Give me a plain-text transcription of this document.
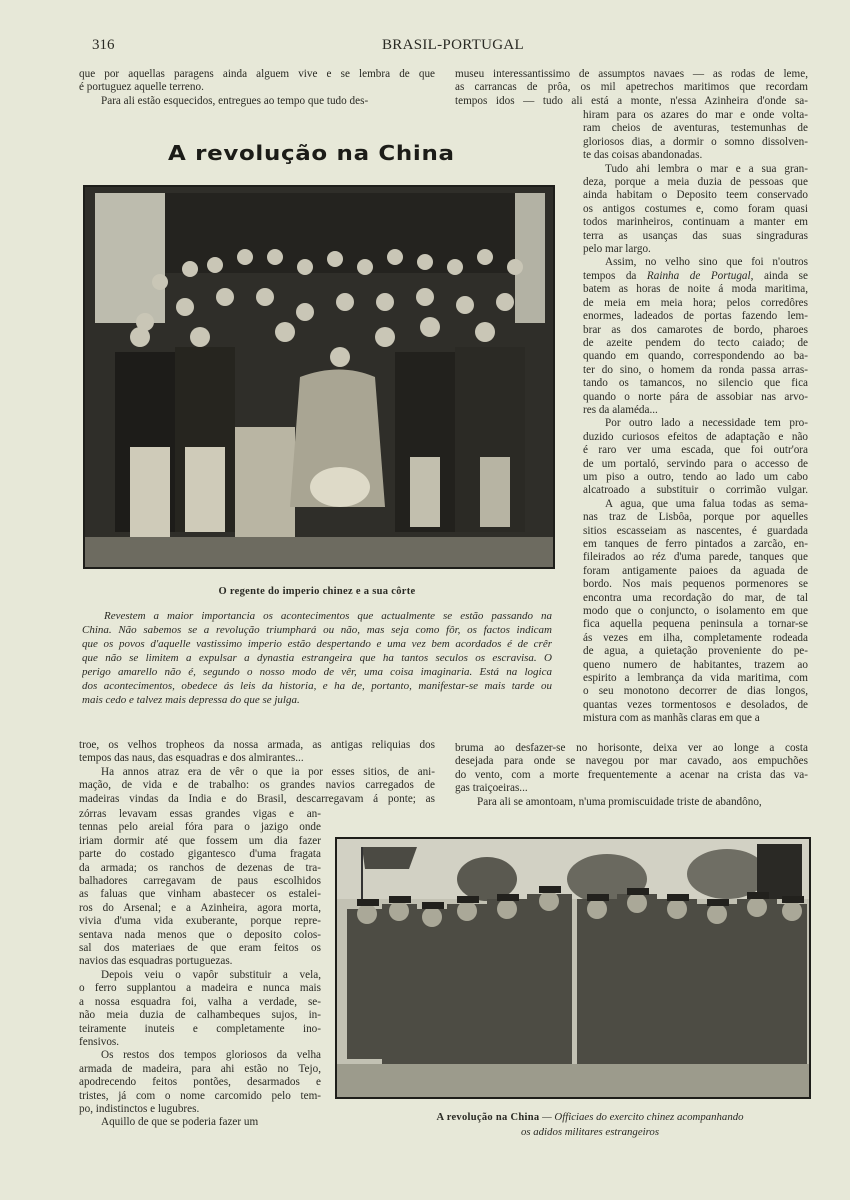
316	BRASIL-PORTUGAL
que por aquellas paragens ainda alguem vive e se lembra de que
é portuguez aquelle terreno.
Para ali estão esquecidos, entregues ao tempo que tudo des-
A revolução na China
museu interessantissimo de assumptos navaes — as rodas de leme,
as carrancas de prôa, os mil apetrechos maritimos que recordam
tempos idos — tudo ali está a monte, n'essa Azinheira d'onde sa-
hiram para os azares do mar e onde volta-
ram cheios de aventuras, testemunhas de
gloriosos dias, a dormir o somno dissolven-
te das coisas abandonadas.
Tudo ahi lembra o mar e a sua gran-
deza, porque a meia duzia de pessoas que
ainda habitam o Deposito teem conservado
os antigos costumes e, como foram quasi
todos marinheiros, continuam a manter em
terra as usanças das suas singraduras
pelo mar largo.
Assim, no velho sino que foi n'outros
tempos da Rainha de Portugal, ainda se
batem as horas de noite á moda maritima,
de meia em meia hora; pelos corredôres
enormes, ladeados de portas fazendo lem-
brar as dos camarotes de bordo, pharoes
de azeite pendem do tecto caiado; de
quando em quando, correspondendo ao ba-
ter do sino, o homem da ronda passa arras-
tando os tamancos, no silencio que fica
quando o norte pára de assobiar nas arvo-
res da alaméda...
Por outro lado a necessidade tem pro-
duzido curiosos efeitos de adaptação e não
é raro ver uma escada, que foi outr'ora
de um portaló, servindo para o accesso de
um piso a outro, tendo ao lado um cabo
alcatroado a substituir o corrimão vulgar.
A agua, que uma falua todas as sema-
nas traz de Lisbôa, porque por aquelles
sitios escasseiam as nascentes, é guardada
em tanques de ferro pintados a zarcão, en-
fileirados ao réz d'uma parede, tanques que
foram antigamente paioes da aguada de
bordo. Nos mais pequenos pormenores se
encontra uma recordação do mar, de tal
modo que o conjuncto, o isolamento em que
fica aquella pequena peninsula a tornar-se
ás vezes em ilha, completamente rodeada
de agua, a quietação proveniente do pe-
queno numero de habitantes, trazem ao
espirito a lembrança da vida maritima, com
o seu monotono decorrer de dias longos,
quantas vezes tormentosos e desolados, de
mistura com as manhãs claras em que a
O regente do imperio chinez e a sua côrte
Revestem a maior importancia os acontecimentos que actualmente se estão passando na
China. Não sabemos se a revolução triumphará ou não, mas seja como fôr, os factos indicam
que os povos d'aquelle vastissimo imperio estão despertando e uma vez bem acordados é de crêr
que não se limitem a expulsar a dynastia estrangeira que ha tantos seculos os escravisa. O
perigo amarello não é, segundo o nosso modo de vêr, uma coisa imaginaria. Está na logica
dos acontecimentos, obedece ás leis da historia, e ha de, portanto, manifestar-se mais tarde ou
mais cedo e talvez mais depressa do que se julga.
bruma ao desfazer-se no horisonte, deixa ver ao longe a costa
desejada para onde se navegou por mar cavado, aos empuchões
do vento, com a morte frequentemente a acenar na crista das va-
gas traiçoeiras...
Para ali se amontoam, n'uma promiscuidade triste de abandôno,
troe, os velhos tropheos da nossa armada, as antigas reliquias dos
tempos das naus, das esquadras e dos almirantes...
Ha annos atraz era de vêr o que ia por esses sitios, de ani-
mação, de vida e de trabalho: os grandes navios carregados de
madeiras vindas da India e do Brasil, descarregavam á ponte; as
zórras levavam essas grandes vigas e an-
tennas pelo areial fóra para o jazigo onde
iriam dormir até que fossem um dia fazer
parte do costado gigantesco d'uma fragata
da armada; os ranchos de dezenas de tra-
balhadores carregavam de paus escolhidos
as faluas que vinham abastecer os estalei-
ros do Arsenal; e a Azinheira, agora morta,
vivia d'uma vida exuberante, porque repre-
sentava nada menos que o deposito colos-
sal dos materiaes de que eram feitos os
navios das esquadras portuguezas.
Depois veiu o vapôr substituir a vela,
o ferro supplantou a madeira e nunca mais
a nossa esquadra foi, valha a verdade, se-
não meia duzia de calhambeques sujos, in-
teiramente inuteis e completamente ino-
fensivos.
Os restos dos tempos gloriosos da velha
armada de madeira, para ahi estão no Tejo,
apodrecendo feitos pontões, desarmados e
tristes, já com o nome carcomido pelo tem-
po, indistinctos e lugubres.
Aquillo de que se poderia fazer um	A revolução na China — Officiaes do exercito chinez acompanhando
os adidos militares estrangeiros
